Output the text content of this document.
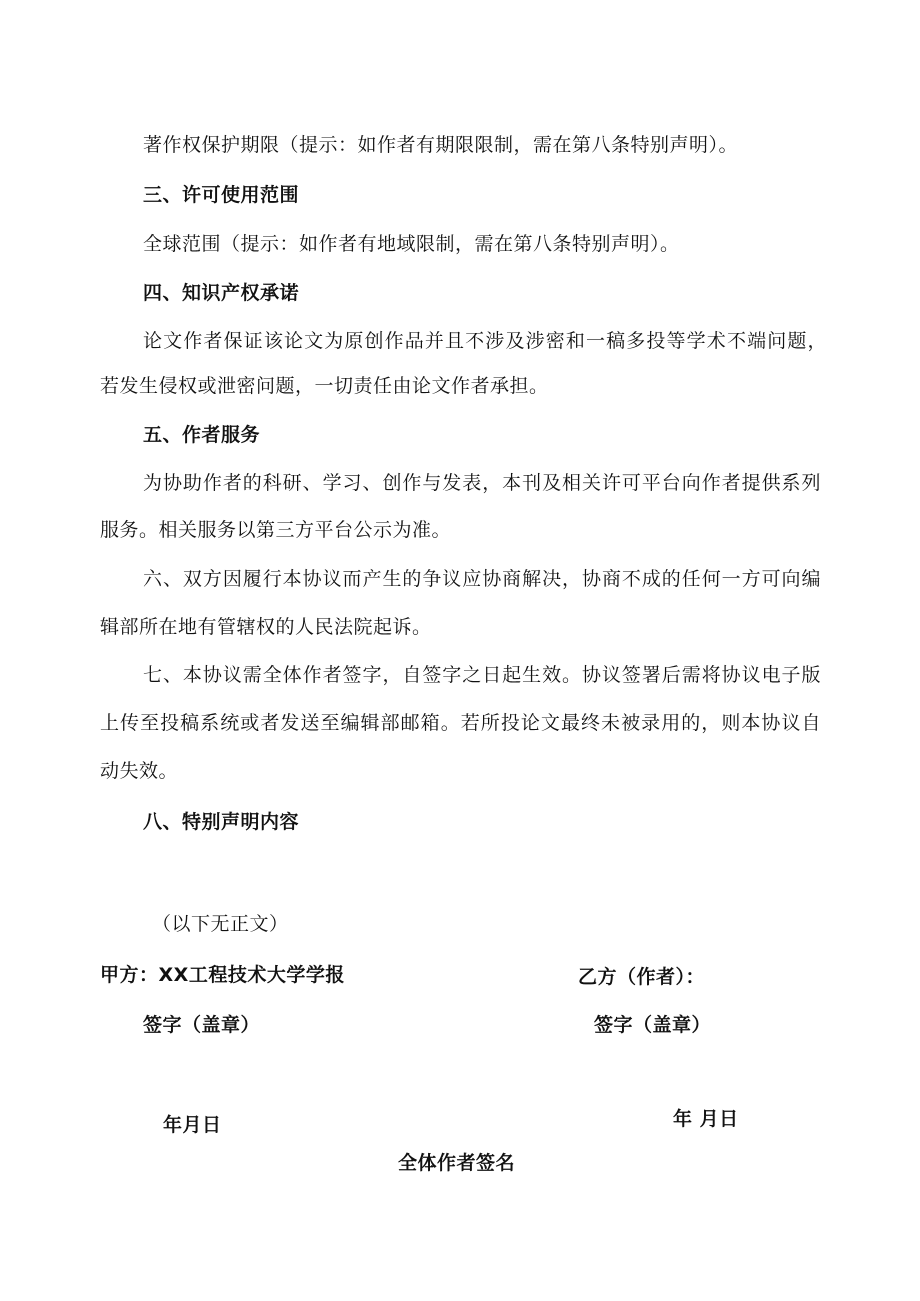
著作权保护期限（提示：如作者有期限限制，需在第八条特别声明）。
三、许可使用范围
全球范围（提示：如作者有地域限制，需在第八条特别声明）。
四、知识产权承诺
论文作者保证该论文为原创作品并且不涉及涉密和一稿多投等学术不端问题，
若发生侵权或泄密问题，一切责任由论文作者承担。
五、作者服务
为协助作者的科研、学习、创作与发表，本刊及相关许可平台向作者提供系列
服务。相关服务以第三方平台公示为准。
六、双方因履行本协议而产生的争议应协商解决，协商不成的任何一方可向编
辑部所在地有管辖权的人民法院起诉。
七、本协议需全体作者签字，自签字之日起生效。协议签署后需将协议电子版
上传至投稿系统或者发送至编辑部邮箱。若所投论文最终未被录用的，则本协议自
动失效。
八、特别声明内容
（以下无正文）
甲方：XX工程技术大学学报	乙方（作者）：
签字（盖章）	签字（盖章）
年月日	年 月日
全体作者签名
